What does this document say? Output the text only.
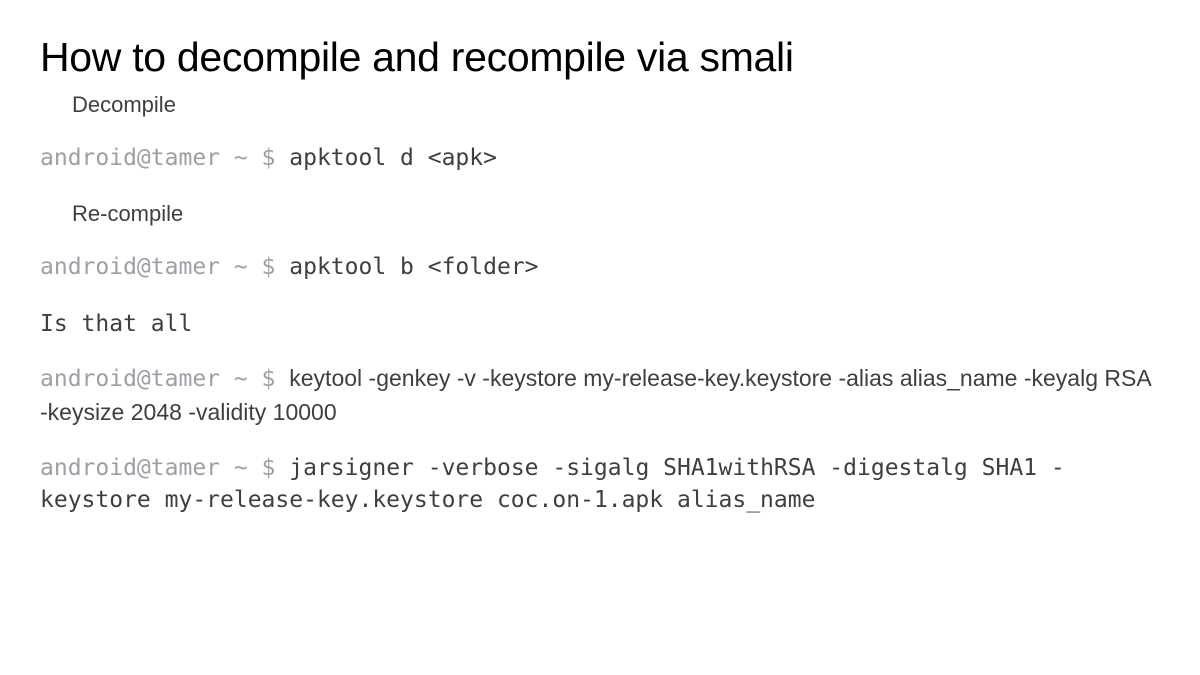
How to decompile and recompile via smali
Decompile
android@tamer ~ $ apktool d <apk>
Re-compile
android@tamer ~ $ apktool b <folder>
Is that all
android@tamer ~ $ keytool -genkey -v -keystore my-release-key.keystore -alias alias_name -keyalg RSA -keysize 2048 -validity 10000
android@tamer ~ $ jarsigner -verbose -sigalg SHA1withRSA -digestalg SHA1 -keystore my-release-key.keystore coc.on-1.apk alias_name
